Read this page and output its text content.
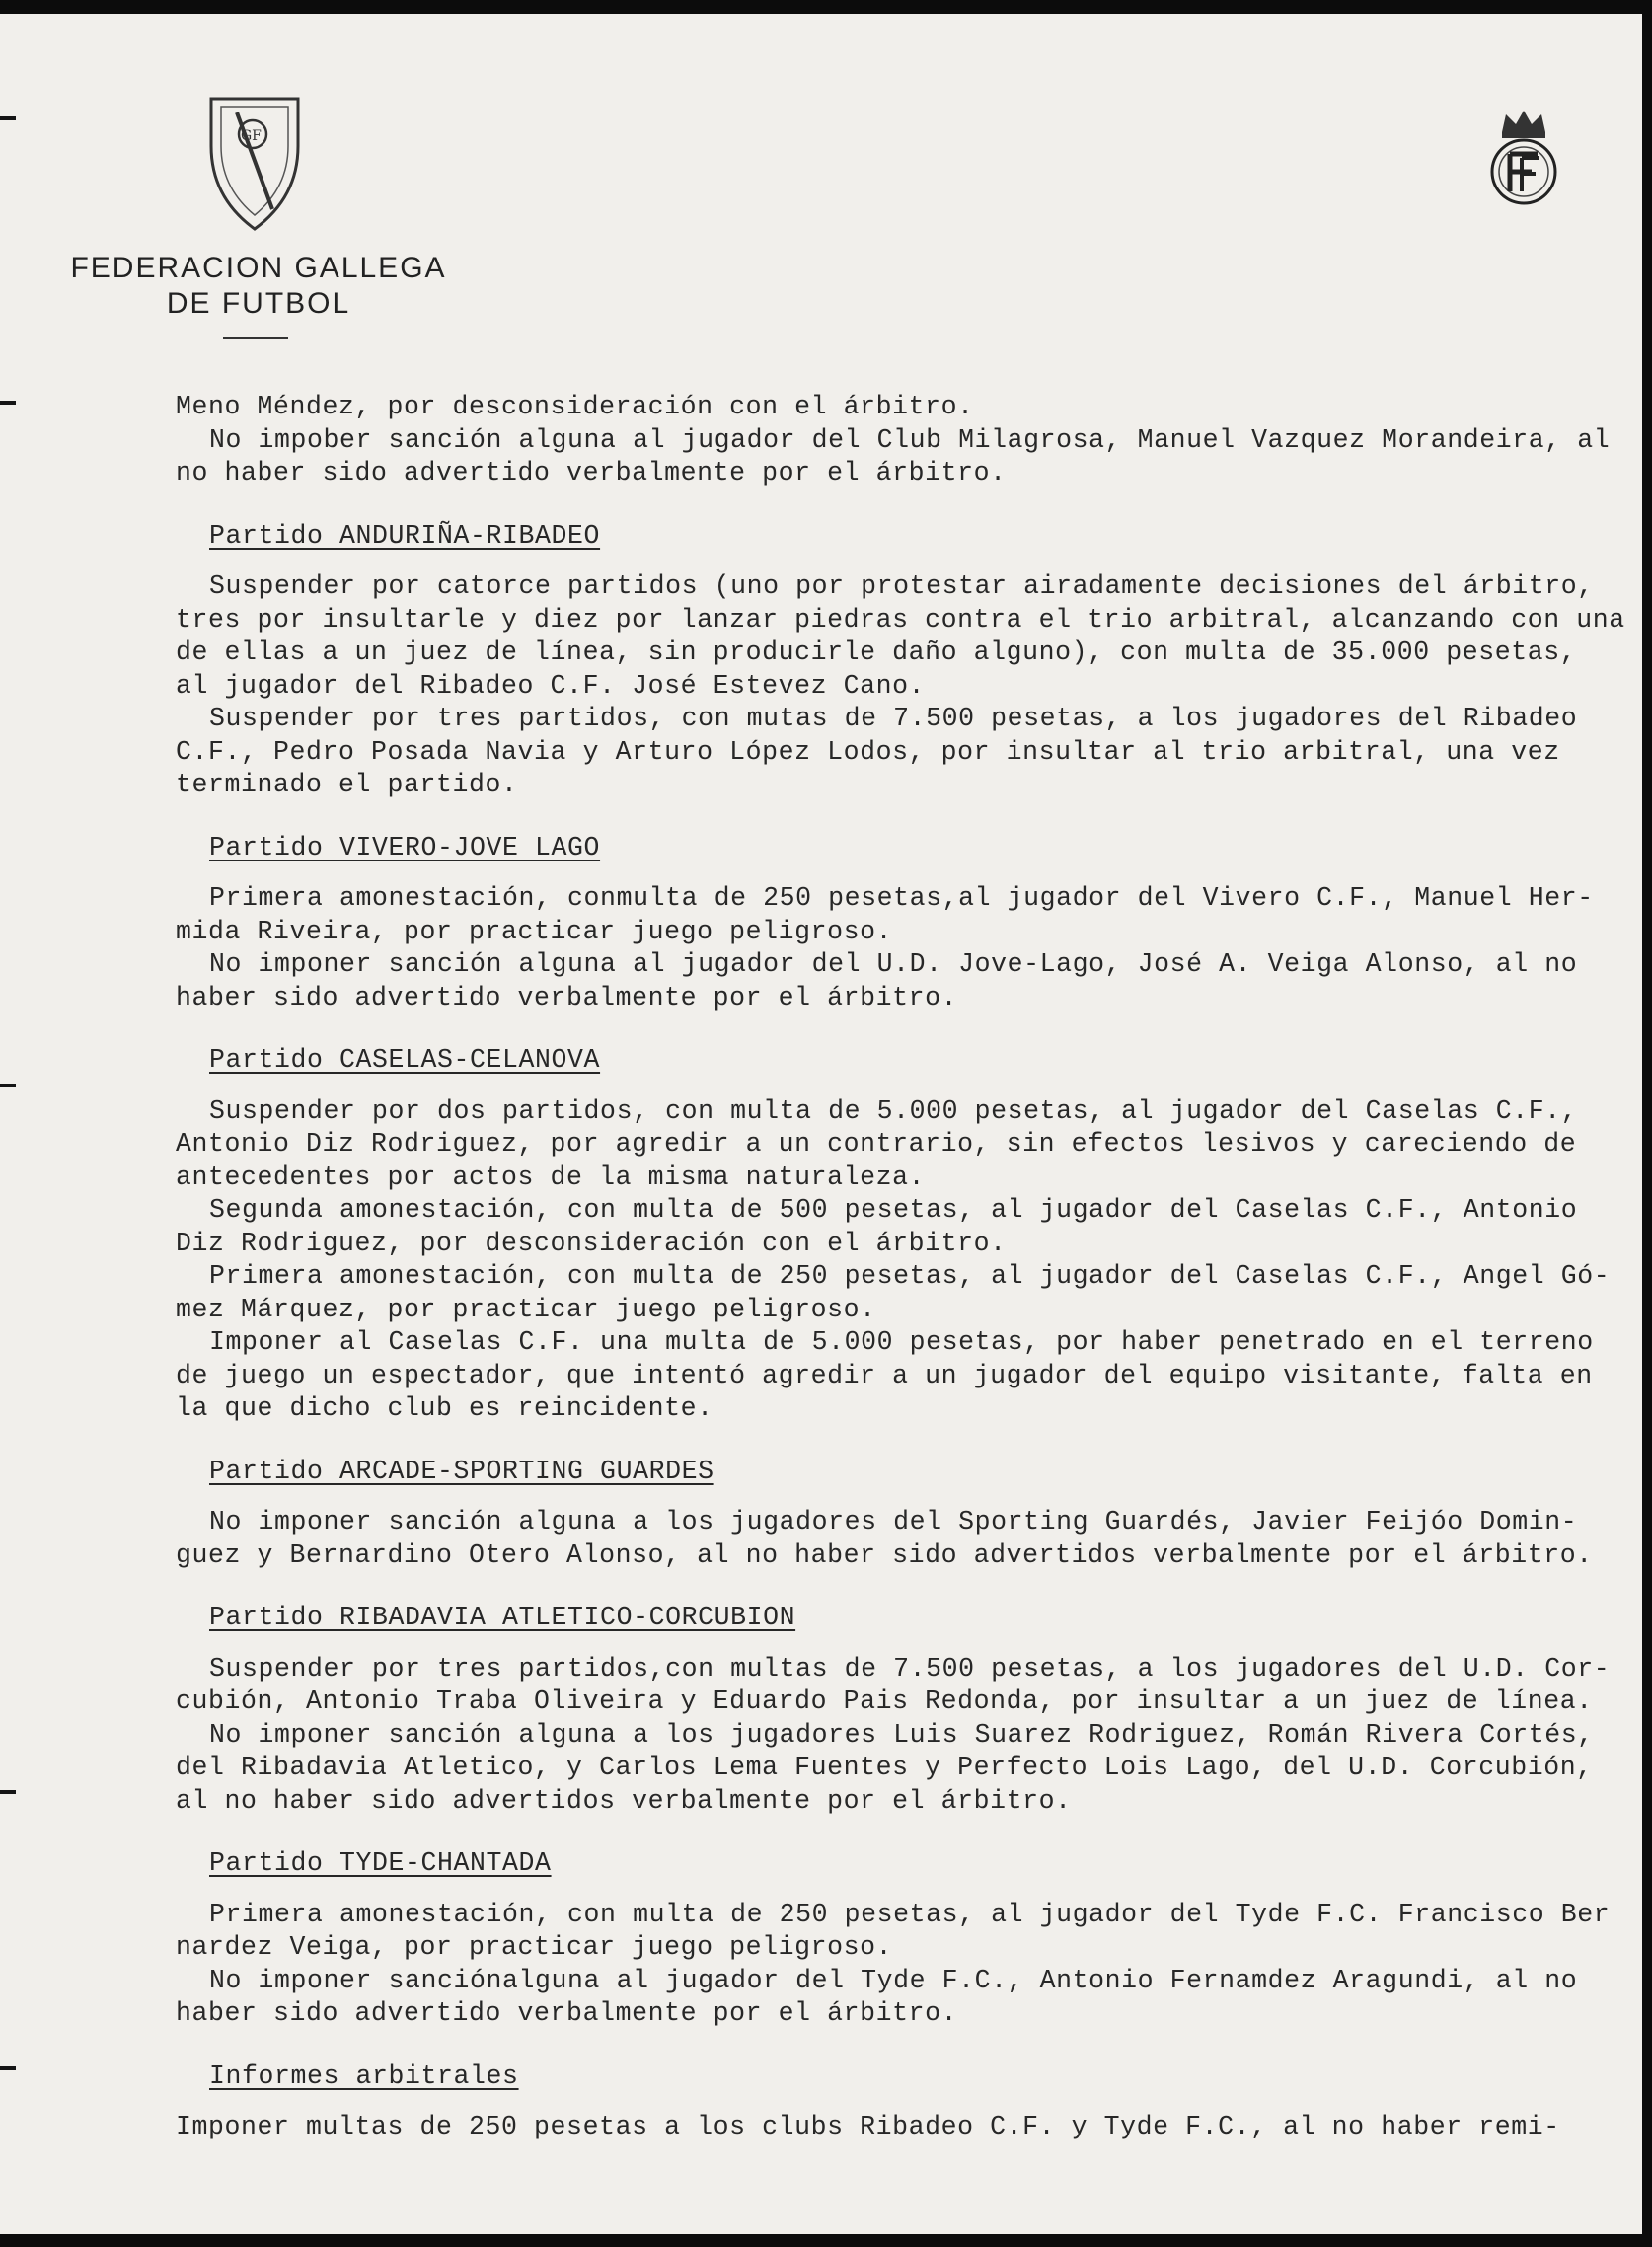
GF
FEDERACION GALLEGA
DE FUTBOL

Meno Méndez, por desconsideración con el árbitro.

No impober sanción alguna al jugador del Club Milagrosa, Manuel Vazquez Morandeira, al

no haber sido advertido verbalmente por el árbitro.

Partido ANDURIÑA-RIBADEO

Suspender por catorce partidos (uno por protestar airadamente decisiones del árbitro,

tres por insultarle y diez por lanzar piedras contra el trio arbitral, alcanzando con una

de ellas a un juez de línea, sin producirle daño alguno), con multa de 35.000 pesetas,

al jugador del Ribadeo C.F. José Estevez Cano.

Suspender por tres partidos, con mutas de 7.500 pesetas, a los jugadores del Ribadeo

C.F., Pedro Posada Navia y Arturo López Lodos, por insultar al trio arbitral, una vez

terminado el partido.

Partido VIVERO-JOVE LAGO

Primera amonestación, conmulta de 250 pesetas,al jugador del Vivero C.F., Manuel Her-

mida Riveira, por practicar juego peligroso.

No imponer sanción alguna al jugador del U.D. Jove-Lago, José A. Veiga Alonso, al no

haber sido advertido verbalmente por el árbitro.

Partido CASELAS-CELANOVA

Suspender por dos partidos, con multa de 5.000 pesetas, al jugador del Caselas C.F.,

Antonio Diz Rodriguez, por agredir a un contrario, sin efectos lesivos y careciendo de

antecedentes por actos de la misma naturaleza.

Segunda amonestación, con multa de 500 pesetas, al jugador del Caselas C.F., Antonio

Diz Rodriguez, por desconsideración con el árbitro.

Primera amonestación, con multa de 250 pesetas, al jugador del Caselas C.F., Angel Gó-

mez Márquez, por practicar juego peligroso.

Imponer al Caselas C.F. una multa de 5.000 pesetas, por haber penetrado en el terreno

de juego un espectador, que intentó agredir a un jugador del equipo visitante, falta en

la que dicho club es reincidente.

Partido ARCADE-SPORTING GUARDES

No imponer sanción alguna a los jugadores del Sporting Guardés, Javier Feijóo Domin-

guez y Bernardino Otero Alonso, al no haber sido advertidos verbalmente por el árbitro.

Partido RIBADAVIA ATLETICO-CORCUBION

Suspender por tres partidos,con multas de 7.500 pesetas, a los jugadores del U.D. Cor-

cubión, Antonio Traba Oliveira y Eduardo Pais Redonda, por insultar a un juez de línea.

No imponer sanción alguna a los jugadores Luis Suarez Rodriguez, Román Rivera Cortés,

del Ribadavia Atletico, y Carlos Lema Fuentes y Perfecto Lois Lago, del U.D. Corcubión,

al no haber sido advertidos verbalmente por el árbitro.

Partido TYDE-CHANTADA

Primera amonestación, con multa de 250 pesetas, al jugador del Tyde F.C. Francisco Ber

nardez Veiga, por practicar juego peligroso.

No imponer sanciónalguna al jugador del Tyde F.C., Antonio Fernamdez Aragundi, al no

haber sido advertido verbalmente por el árbitro.

Informes arbitrales

Imponer multas de 250 pesetas a los clubs Ribadeo C.F. y Tyde F.C., al no haber remi-
